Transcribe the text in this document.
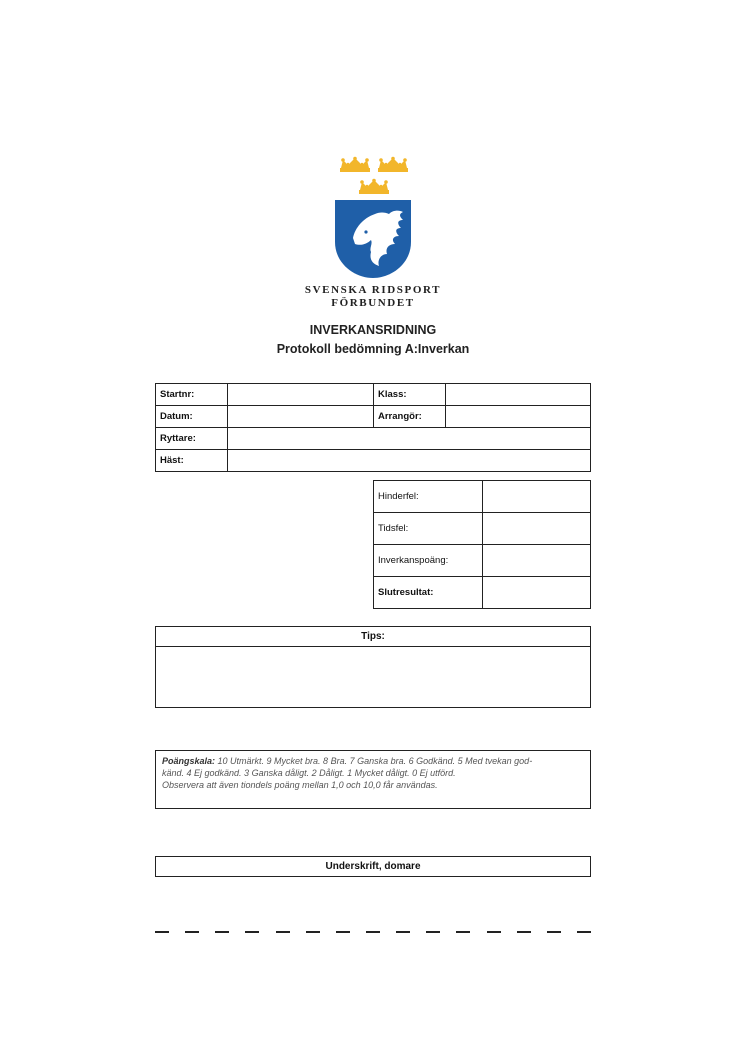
SVENSKA RIDSPORT
FÖRBUNDET
INVERKANSRIDNING
Protokoll bedömning A:Inverkan
Startnr:		Klass:	
Datum:		Arrangör:	
Ryttare:			
Häst:			
Hinderfel:	
Tidsfel:	
Inverkanspoäng:	
Slutresultat:	
Tips:
Poängskala: 10 Utmärkt. 9 Mycket bra. 8 Bra. 7 Ganska bra. 6 Godkänd. 5 Med tvekan god-
känd. 4 Ej godkänd. 3 Ganska dåligt. 2 Dåligt. 1 Mycket dåligt. 0 Ej utförd.
Observera att även tiondels poäng mellan 1,0 och 10,0 får användas.
Underskrift, domare
